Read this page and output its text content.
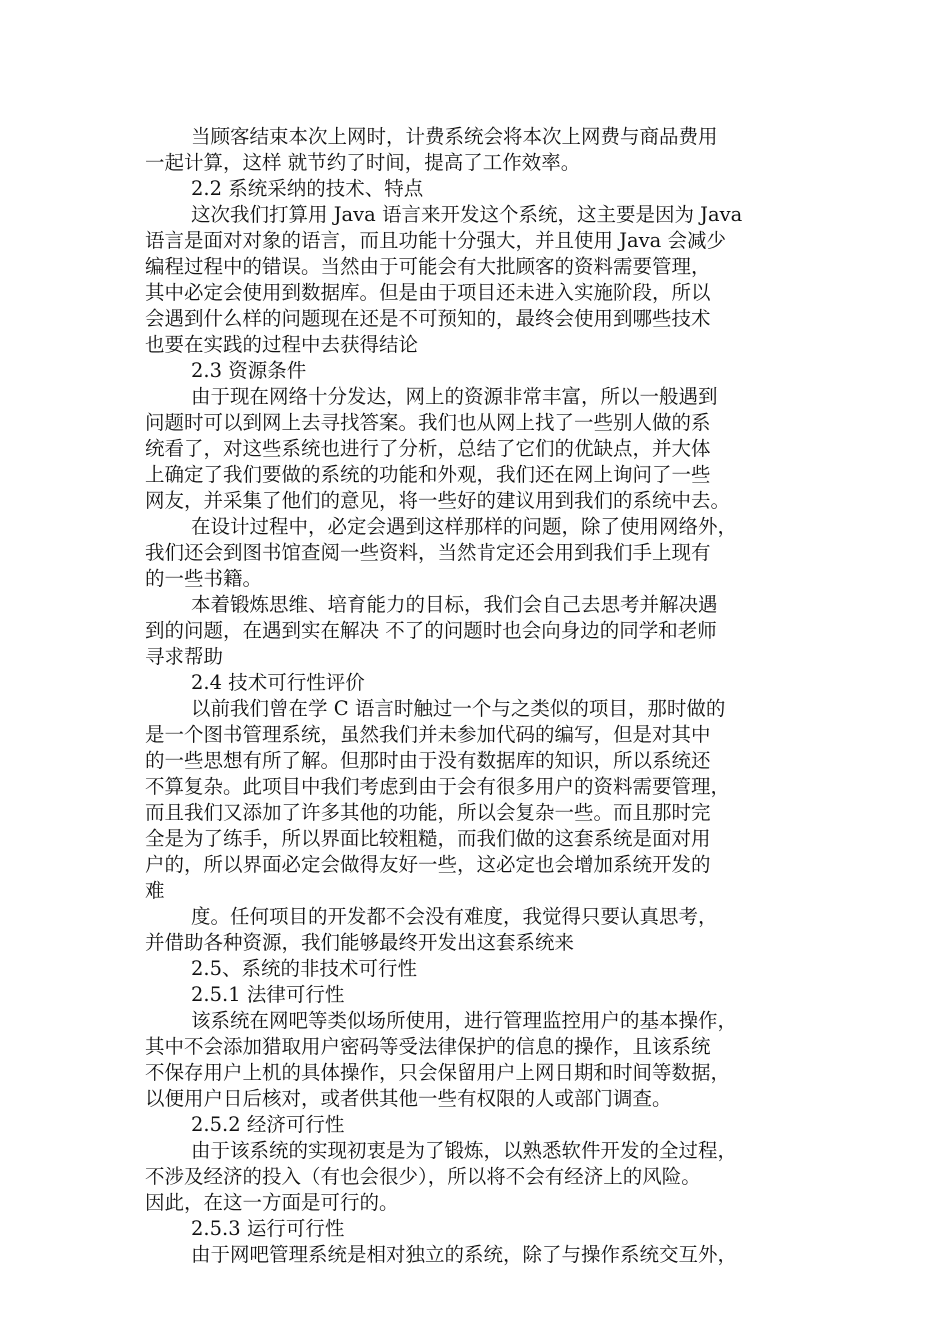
当顾客结束本次上网时，计费系统会将本次上网费与商品费用
一起计算，这样 就节约了时间，提高了工作效率。
2.2 系统采纳的技术、特点
这次我们打算用 Java 语言来开发这个系统，这主要是因为 Java
语言是面对对象的语言，而且功能十分强大，并且使用 Java 会减少
编程过程中的错误。当然由于可能会有大批顾客的资料需要管理，
其中必定会使用到数据库。但是由于项目还未进入实施阶段，所以
会遇到什么样的问题现在还是不可预知的，最终会使用到哪些技术
也要在实践的过程中去获得结论
2.3 资源条件
由于现在网络十分发达，网上的资源非常丰富，所以一般遇到
问题时可以到网上去寻找答案。我们也从网上找了一些别人做的系
统看了，对这些系统也进行了分析，总结了它们的优缺点，并大体
上确定了我们要做的系统的功能和外观，我们还在网上询问了一些
网友，并采集了他们的意见，将一些好的建议用到我们的系统中去。
在设计过程中，必定会遇到这样那样的问题，除了使用网络外，
我们还会到图书馆查阅一些资料，当然肯定还会用到我们手上现有
的一些书籍。
本着锻炼思维、培育能力的目标，我们会自己去思考并解决遇
到的问题，在遇到实在解决 不了的问题时也会向身边的同学和老师
寻求帮助
2.4 技术可行性评价
以前我们曾在学 C 语言时触过一个与之类似的项目，那时做的
是一个图书管理系统，虽然我们并未参加代码的编写，但是对其中
的一些思想有所了解。但那时由于没有数据库的知识，所以系统还
不算复杂。此项目中我们考虑到由于会有很多用户的资料需要管理，
而且我们又添加了许多其他的功能，所以会复杂一些。而且那时完
全是为了练手，所以界面比较粗糙，而我们做的这套系统是面对用
户的，所以界面必定会做得友好一些，这必定也会增加系统开发的
难
度。任何项目的开发都不会没有难度，我觉得只要认真思考，
并借助各种资源，我们能够最终开发出这套系统来
2.5、系统的非技术可行性
2.5.1 法律可行性
该系统在网吧等类似场所使用，进行管理监控用户的基本操作，
其中不会添加猎取用户密码等受法律保护的信息的操作，且该系统
不保存用户上机的具体操作，只会保留用户上网日期和时间等数据，
以便用户日后核对，或者供其他一些有权限的人或部门调查。
2.5.2 经济可行性
由于该系统的实现初衷是为了锻炼，以熟悉软件开发的全过程，
不涉及经济的投入（有也会很少），所以将不会有经济上的风险。
因此，在这一方面是可行的。
2.5.3 运行可行性
由于网吧管理系统是相对独立的系统，除了与操作系统交互外，
